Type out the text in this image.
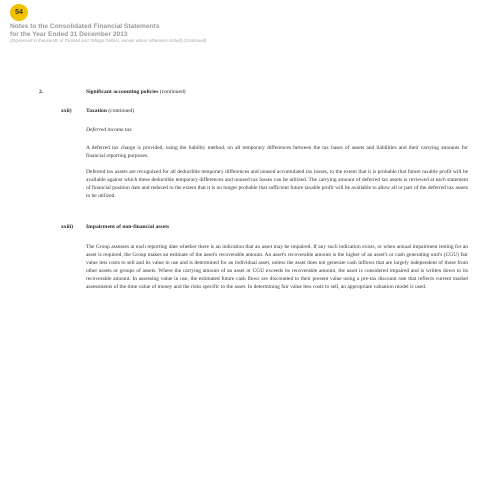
54
Notes to the Consolidated Financial Statements
for the Year Ended 31 December 2013
(Expressed in thousands of Trinidad and Tobago Dollars, except where otherwise stated) (Continued)
2.	Significant accounting policies (continued)
xxii)	Taxation (continued)
Deferred income tax
A deferred tax charge is provided, using the liability method, on all temporary differences between the tax bases of assets and liabilities and their carrying amounts for financial reporting purposes.
Deferred tax assets are recognized for all deductible temporary differences and unused accumulated tax losses, to the extent that it is probable that future taxable profit will be available against which these deductible temporary differences and unused tax losses can be utilized. The carrying amount of deferred tax assets is reviewed at each statement of financial position date and reduced to the extent that it is no longer probable that sufficient future taxable profit will be available to allow all or part of the deferred tax assets to be utilized.
xxiii) Impairment of non-financial assets
The Group assesses at each reporting date whether there is an indication that an asset may be impaired. If any such indication exists, or when annual impairment testing for an asset is required, the Group makes an estimate of the asset's recoverable amount. An asset's recoverable amount is the higher of an asset's or cash generating unit's (CGU) fair value less costs to sell and its value in use and is determined for an individual asset, unless the asset does not generate cash inflows that are largely independent of those from other assets or groups of assets. Where the carrying amount of an asset or CGU exceeds its recoverable amount, the asset is considered impaired and is written down to its recoverable amount. In assessing value in use, the estimated future cash flows are discounted to their present value using a pre-tax discount rate that reflects current market assessments of the time value of money and the risks specific to the asset. In determining fair value less costs to sell, an appropriate valuation model is used.
